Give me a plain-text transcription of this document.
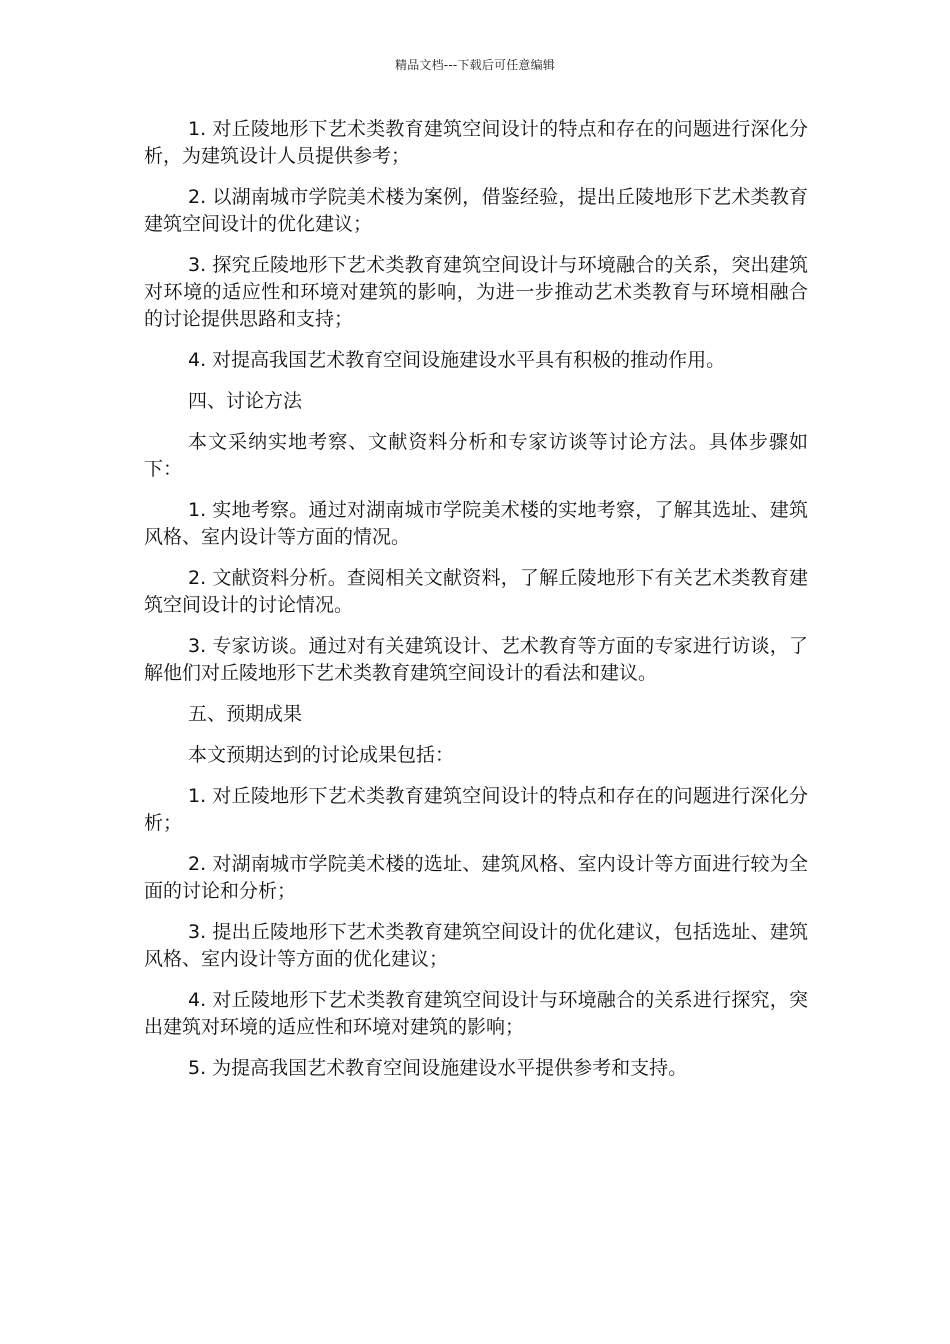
精品文档---下载后可任意编辑

1. 对丘陵地形下艺术类教育建筑空间设计的特点和存在的问题进行深化分析，为建筑设计人员提供参考；

2. 以湖南城市学院美术楼为案例，借鉴经验，提出丘陵地形下艺术类教育建筑空间设计的优化建议；

3. 探究丘陵地形下艺术类教育建筑空间设计与环境融合的关系，突出建筑对环境的适应性和环境对建筑的影响，为进一步推动艺术类教育与环境相融合的讨论提供思路和支持；

4. 对提高我国艺术教育空间设施建设水平具有积极的推动作用。

四、讨论方法

本文采纳实地考察、文献资料分析和专家访谈等讨论方法。具体步骤如下：

1. 实地考察。通过对湖南城市学院美术楼的实地考察，了解其选址、建筑风格、室内设计等方面的情况。

2. 文献资料分析。查阅相关文献资料，了解丘陵地形下有关艺术类教育建筑空间设计的讨论情况。

3. 专家访谈。通过对有关建筑设计、艺术教育等方面的专家进行访谈，了解他们对丘陵地形下艺术类教育建筑空间设计的看法和建议。

五、预期成果

本文预期达到的讨论成果包括：

1. 对丘陵地形下艺术类教育建筑空间设计的特点和存在的问题进行深化分析；

2. 对湖南城市学院美术楼的选址、建筑风格、室内设计等方面进行较为全面的讨论和分析；

3. 提出丘陵地形下艺术类教育建筑空间设计的优化建议，包括选址、建筑风格、室内设计等方面的优化建议；

4. 对丘陵地形下艺术类教育建筑空间设计与环境融合的关系进行探究，突出建筑对环境的适应性和环境对建筑的影响；

5. 为提高我国艺术教育空间设施建设水平提供参考和支持。
